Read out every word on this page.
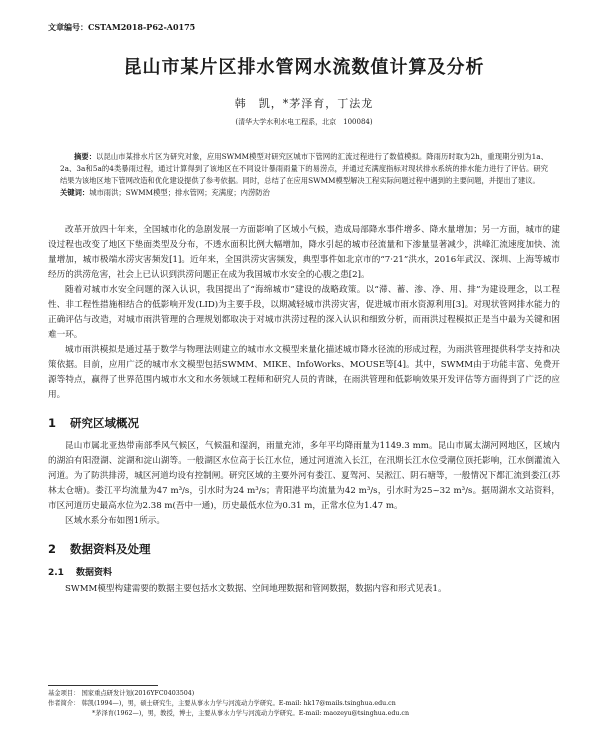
文章编号：CSTAM2018-P62-A0175
昆山市某片区排水管网水流数值计算及分析
韩　凯，*茅泽育，丁法龙
(清华大学水利水电工程系，北京　100084)
摘要：以昆山市某排水片区为研究对象，应用SWMM模型对研究区城市下管网的汇流过程进行了数值模拟。降雨历时取为2h，重现期分别为1a、2a、3a和5a的4类暴雨过程，通过计算得到了该地区在不同设计暴雨雨量下的易涝点，并通过充满度指标对现状排水系统的排水能力进行了评估。研究结果为该地区地下管网改造和优化建设提供了参考依据。同时，总结了在应用SWMM模型解决工程实际问题过程中遇到的主要问题，并提出了建议。
关键词：城市雨洪；SWMM模型；排水管网；充满度；内涝防治

改革开放四十年来，全国城市化的急剧发展一方面影响了区域小气候，造成局部降水事件增多、降水量增加；另一方面，城市的建设过程也改变了地区下垫面类型及分布，不透水面积比例大幅增加，降水引起的城市径流量和下渗量显著减少，洪峰汇流速度加快、流量增加，城市极端水涝灾害频发[1]。近年来，全国洪涝灾害频发，典型事件如北京市的“7·21”洪水，2016年武汉、深圳、上海等城市经历的洪涝危害，社会上已认识到洪涝问题正在成为我国城市水安全的心腹之患[2]。

随着对城市水安全问题的深入认识，我国提出了“海绵城市”建设的战略政策。以“滞、蓄、渗、净、用、排”为建设理念，以工程性、非工程性措施相结合的低影响开发(LID)为主要手段，以期减轻城市洪涝灾害，促进城市雨水资源利用[3]。对现状管网排水能力的正确评估与改造，对城市雨洪管理的合理规划都取决于对城市洪涝过程的深入认识和细致分析，而雨洪过程模拟正是当中最为关键和困难一环。

城市雨洪模拟是通过基于数学与物理法则建立的城市水文模型来量化描述城市降水径流的形成过程，为雨洪管理提供科学支持和决策依据。目前，应用广泛的城市水文模型包括SWMM、MIKE、InfoWorks、MOUSE等[4]。其中，SWMM由于功能丰富、免费开源等特点，赢得了世界范围内城市水文和水务领域工程师和研究人员的青睐，在雨洪管理和低影响效果开发评估等方面得到了广泛的应用。

1 研究区域概况

昆山市属北亚热带南部季风气候区，气候温和湿润，雨量充沛，多年平均降雨量为1149.3 mm。昆山市属太湖河网地区，区域内的湖泊有阳澄湖、淀湖和淀山湖等。一般湖区水位高于长江水位，通过河道流入长江，在汛期长江水位受潮位顶托影响，江水倒灌流入河道。为了防洪排涝，城区河道均设有控制闸。研究区域的主要外河有娄江、夏驾河、吴淞江、阴石塘等，一般情况下都汇流到娄江(苏林太仓塘)。娄江平均流量为47 m³/s，引水时为24 m³/s；青阳港平均流量为42 m³/s，引水时为25~32 m³/s。据周湖水文站资料，市区河道历史最高水位为2.38 m(吾中一通)，历史最低水位为0.31 m，正常水位为1.47 m。

区域水系分布如图1所示。

2 数据资料及处理
2.1 数据资料

SWMM模型构建需要的数据主要包括水文数据、空间地理数据和管网数据，数据内容和形式见表1。

基金项目： 国家重点研发计划(2016YFC0403504)
作者简介： 韩凯(1994—)，男，硕士研究生，主要从事水力学与河流动力学研究。E-mail: hk17@mails.tsinghua.edu.cn
*茅泽育(1962—)，男，教授，博士，主要从事水力学与河流动力学研究。E-mail: maozeyu@tsinghua.edu.cn
